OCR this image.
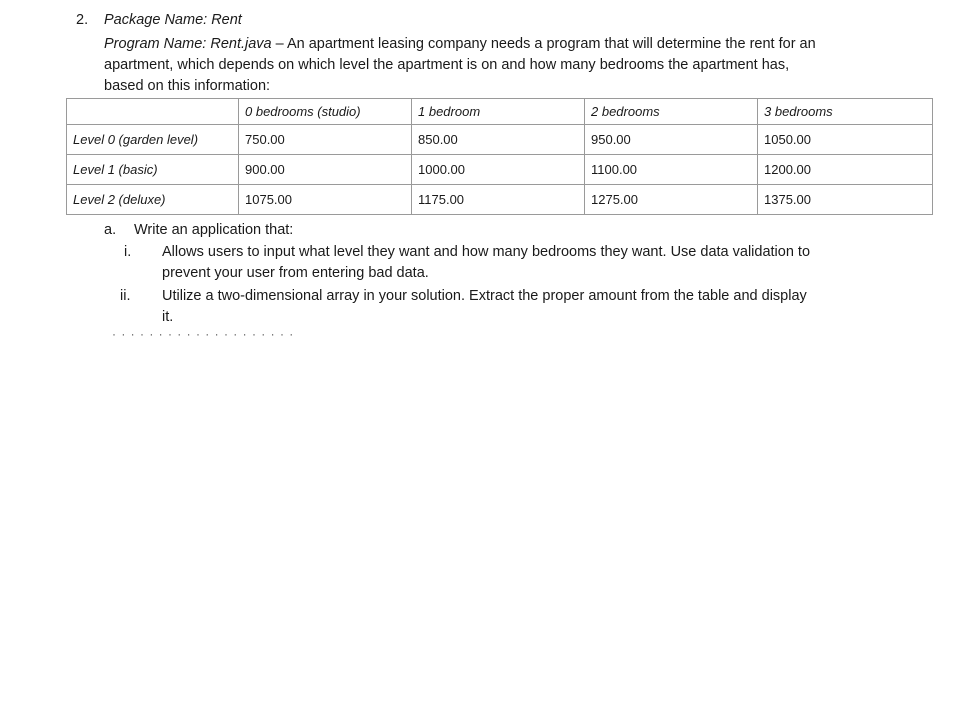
2. Package Name: Rent
Program Name: Rent.java – An apartment leasing company needs a program that will determine the rent for an
apartment, which depends on which level the apartment is on and how many bedrooms the apartment has,
based on this information:
	0 bedrooms (studio)	1 bedroom	2 bedrooms	3 bedrooms
Level 0 (garden level)	750.00	850.00	950.00	1050.00
Level 1 (basic)	900.00	1000.00	1100.00	1200.00
Level 2 (deluxe)	1075.00	1175.00	1275.00	1375.00
a. Write an application that:
i. Allows users to input what level they want and how many bedrooms they want. Use data validation to
prevent your user from entering bad data.
ii. Utilize a two-dimensional array in your solution. Extract the proper amount from the table and display
it.
· · · · · · · · · · · · · · · · · · · ·
